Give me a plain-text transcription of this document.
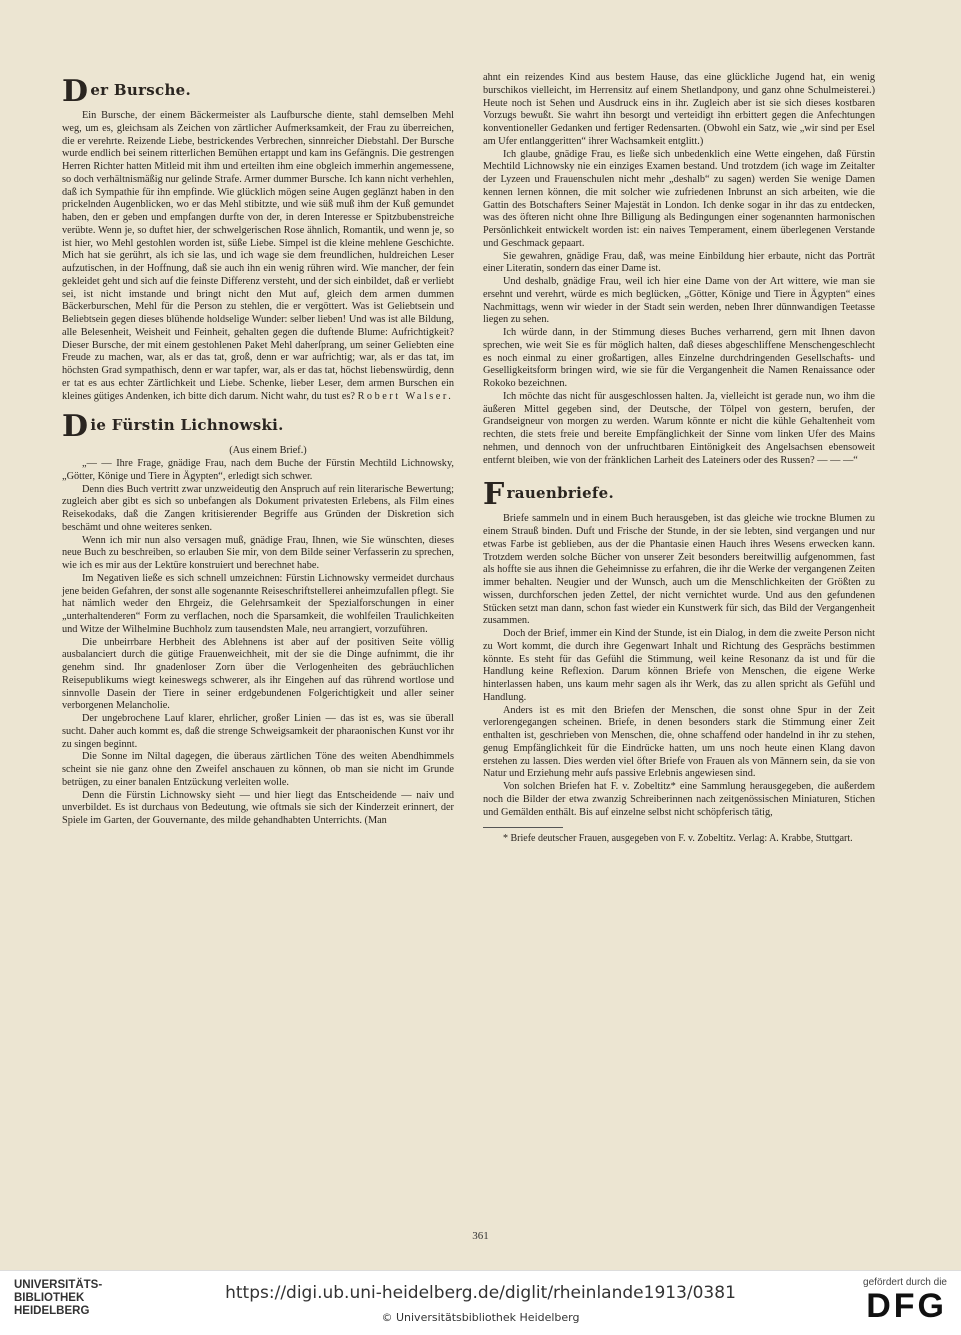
Der Bursche.

Ein Bursche, der einem Bäckermeister als Laufbursche diente, stahl demselben Mehl weg, um es, gleichsam als Zeichen von zärtlicher Aufmerksamkeit, der Frau zu überreichen, die er verehrte. Reizende Liebe, bestrickendes Verbrechen, sinnreicher Diebstahl. Der Bursche wurde endlich bei seinem ritterlichen Bemühen ertappt und kam ins Gefängnis. Die gestrengen Herren Richter hatten Mitleid mit ihm und erteilten ihm eine obgleich immerhin angemessene, so doch verhältnismäßig nur gelinde Strafe. Armer dummer Bursche. Ich kann nicht verhehlen, daß ich Sympathie für ihn empfinde. Wie glücklich mögen seine Augen geglänzt haben in den prickelnden Augenblicken, wo er das Mehl stibitzte, und wie süß muß ihm der Kuß gemundet haben, den er geben und empfangen durfte von der, in deren Interesse er Spitzbubenstreiche verübte. Wenn je, so duftet hier, der schwelgerischen Rose ähnlich, Romantik, und wenn je, so ist hier, wo Mehl gestohlen worden ist, süße Liebe. Simpel ist die kleine mehlene Geschichte. Mich hat sie gerührt, als ich sie las, und ich wage sie dem freundlichen, huldreichen Leser aufzutischen, in der Hoffnung, daß sie auch ihn ein wenig rühren wird. Wie mancher, der fein gekleidet geht und sich auf die feinste Differenz versteht, und der sich einbildet, daß er verliebt sei, ist nicht imstande und bringt nicht den Mut auf, gleich dem armen dummen Bäckerburschen, Mehl für die Person zu stehlen, die er vergöttert. Was ist Geliebtsein und Beliebtsein gegen dieses blühende holdselige Wunder: selber lieben! Und was ist alle Bildung, alle Belesenheit, Weisheit und Feinheit, gehalten gegen die duftende Blume: Aufrichtigkeit? Dieser Bursche, der mit einem gestohlenen Paket Mehl daherſprang, um seiner Geliebten eine Freude zu machen, war, als er das tat, groß, denn er war aufrichtig; war, als er das tat, im höchsten Grad sympathisch, denn er war tapfer, war, als er das tat, höchst liebenswürdig, denn er tat es aus echter Zärtlichkeit und Liebe. Schenke, lieber Leser, dem armen Burschen ein kleines gütiges Andenken, ich bitte dich darum. Nicht wahr, du tust es? Robert Walser.

Die Fürstin Lichnowski.

(Aus einem Brief.)

„— — Ihre Frage, gnädige Frau, nach dem Buche der Fürstin Mechtild Lichnowsky, „Götter, Könige und Tiere in Ägypten“, erledigt sich schwer.

Denn dies Buch vertritt zwar unzweideutig den Anspruch auf rein literarische Bewertung; zugleich aber gibt es sich so unbefangen als Dokument privatesten Erlebens, als Film eines Reisekodaks, daß die Zangen kritisierender Begriffe aus Gründen der Diskretion sich beschämt und ohne weiteres senken.

Wenn ich mir nun also versagen muß, gnädige Frau, Ihnen, wie Sie wünschten, dieses neue Buch zu beschreiben, so erlauben Sie mir, von dem Bilde seiner Verfasserin zu sprechen, wie ich es mir aus der Lektüre konstruiert und berechnet habe.

Im Negativen ließe es sich schnell umzeichnen: Fürstin Lichnowsky vermeidet durchaus jene beiden Gefahren, der sonst alle sogenannte Reiseschriftstellerei anheimzufallen pflegt. Sie hat nämlich weder den Ehrgeiz, die Gelehrsamkeit der Spezialforschungen in einer „unterhaltenderen“ Form zu verflachen, noch die Sparsamkeit, die wohlfeilen Traulichkeiten und Witze der Wilhelmine Buchholz zum tausendsten Male, neu arrangiert, vorzuführen.

Die unbeirrbare Herbheit des Ablehnens ist aber auf der positiven Seite völlig ausbalanciert durch die gütige Frauenweichheit, mit der sie die Dinge aufnimmt, die ihr genehm sind. Ihr gnadenloser Zorn über die Verlogenheiten des gebräuchlichen Reisepublikums wiegt keineswegs schwerer, als ihr Eingehen auf das rührend wortlose und sinnvolle Dasein der Tiere in seiner erdgebundenen Folgerichtigkeit und aller seiner verborgenen Melancholie.

Der ungebrochene Lauf klarer, ehrlicher, großer Linien — das ist es, was sie überall sucht. Daher auch kommt es, daß die strenge Schweigsamkeit der pharaonischen Kunst vor ihr zu singen beginnt.

Die Sonne im Niltal dagegen, die überaus zärtlichen Töne des weiten Abendhimmels scheint sie nie ganz ohne den Zweifel anschauen zu können, ob man sie nicht im Grunde betrügen, zu einer banalen Entzückung verleiten wolle.

Denn die Fürstin Lichnowsky sieht — und hier liegt das Entscheidende — naiv und unverbildet. Es ist durchaus von Bedeutung, wie oftmals sie sich der Kinderzeit erinnert, der Spiele im Garten, der Gouvernante, des milde gehandhabten Unterrichts. (Man

ahnt ein reizendes Kind aus bestem Hause, das eine glückliche Jugend hat, ein wenig burschikos vielleicht, im Herrensitz auf einem Shetlandpony, und ganz ohne Schulmeisterei.) Heute noch ist Sehen und Ausdruck eins in ihr. Zugleich aber ist sie sich dieses kostbaren Vorzugs bewußt. Sie wahrt ihn besorgt und verteidigt ihn erbittert gegen die Anfechtungen konventioneller Gedanken und fertiger Redensarten. (Obwohl ein Satz, wie „wir sind per Esel am Ufer entlanggeritten“ ihrer Wachsamkeit entglitt.)

Ich glaube, gnädige Frau, es ließe sich unbedenklich eine Wette eingehen, daß Fürstin Mechtild Lichnowsky nie ein einziges Examen bestand. Und trotzdem (ich wage im Zeitalter der Lyzeen und Frauenschulen nicht mehr „deshalb“ zu sagen) werden Sie wenige Damen kennen lernen können, die mit solcher wie zufriedenen Inbrunst an sich arbeiten, wie die Gattin des Botschafters Seiner Majestät in London. Ich denke sogar in ihr das zu entdecken, was des öfteren nicht ohne Ihre Billigung als Bedingungen einer sogenannten harmonischen Persönlichkeit entwickelt worden ist: ein naives Temperament, einem überlegenen Verstande und Geschmack gepaart.

Sie gewahren, gnädige Frau, daß, was meine Einbildung hier erbaute, nicht das Porträt einer Literatin, sondern das einer Dame ist.

Und deshalb, gnädige Frau, weil ich hier eine Dame von der Art wittere, wie man sie ersehnt und verehrt, würde es mich beglücken, „Götter, Könige und Tiere in Ägypten“ eines Nachmittags, wenn wir wieder in der Stadt sein werden, neben Ihrer dünnwandigen Teetasse liegen zu sehen.

Ich würde dann, in der Stimmung dieses Buches verharrend, gern mit Ihnen davon sprechen, wie weit Sie es für möglich halten, daß dieses abgeschliffene Menschengeschlecht es noch einmal zu einer großartigen, alles Einzelne durchdringenden Gesellschafts- und Geselligkeitsform bringen wird, wie sie für die Vergangenheit die Namen Renaissance oder Rokoko bezeichnen.

Ich möchte das nicht für ausgeschlossen halten. Ja, vielleicht ist gerade nun, wo ihm die äußeren Mittel gegeben sind, der Deutsche, der Tölpel von gestern, berufen, der Grandseigneur von morgen zu werden. Warum könnte er nicht die kühle Gehaltenheit vom rechten, die stets freie und bereite Empfänglichkeit der Sinne vom linken Ufer des Mains nehmen, und dennoch von der unfruchtbaren Eintönigkeit des Angelsachsen ebensoweit entfernt bleiben, wie von der fränklichen Larheit des Lateiners oder des Russen? — — —“

Frauenbriefe.

Briefe sammeln und in einem Buch herausgeben, ist das gleiche wie trockne Blumen zu einem Strauß binden. Duft und Frische der Stunde, in der sie lebten, sind vergangen und nur etwas Farbe ist geblieben, aus der die Phantasie einen Hauch ihres Wesens erwecken kann. Trotzdem werden solche Bücher von unserer Zeit besonders bereitwillig aufgenommen, fast als hoffte sie aus ihnen die Geheimnisse zu erfahren, die ihr die Werke der vergangenen Zeiten immer behalten. Neugier und der Wunsch, auch um die Menschlichkeiten der Größten zu wissen, durchforschen jeden Zettel, der nicht vernichtet wurde. Und aus den gefundenen Stücken setzt man dann, schon fast wieder ein Kunstwerk für sich, das Bild der Vergangenheit zusammen.

Doch der Brief, immer ein Kind der Stunde, ist ein Dialog, in dem die zweite Person nicht zu Wort kommt, die durch ihre Gegenwart Inhalt und Richtung des Gesprächs bestimmen könnte. Es steht für das Gefühl die Stimmung, weil keine Resonanz da ist und für die Handlung keine Reflexion. Darum können Briefe von Menschen, die eigene Werke hinterlassen haben, uns kaum mehr sagen als ihr Werk, das zu allen spricht als Gefühl und Handlung.

Anders ist es mit den Briefen der Menschen, die sonst ohne Spur in der Zeit verlorengegangen scheinen. Briefe, in denen besonders stark die Stimmung einer Zeit enthalten ist, geschrieben von Menschen, die, ohne schaffend oder handelnd in ihr zu stehen, genug Empfänglichkeit für die Eindrücke hatten, um uns noch heute einen Klang davon erstehen zu lassen. Dies werden viel öfter Briefe von Frauen als von Männern sein, da sie von Natur und Erziehung mehr aufs passive Erlebnis angewiesen sind.

Von solchen Briefen hat F. v. Zobeltitz* eine Sammlung herausgegeben, die außerdem noch die Bilder der etwa zwanzig Schreiberinnen nach zeitgenössischen Miniaturen, Stichen und Gemälden enthält. Bis auf einzelne selbst nicht schöpferisch tätig,

* Briefe deutscher Frauen, ausgegeben von F. v. Zobeltitz. Verlag: A. Krabbe, Stuttgart.

361
UNIVERSITÄTS-
BIBLIOTHEK
HEIDELBERG
https://digi.ub.uni-heidelberg.de/diglit/rheinlande1913/0381
© Universitätsbibliothek Heidelberg
gefördert durch die
DFG
